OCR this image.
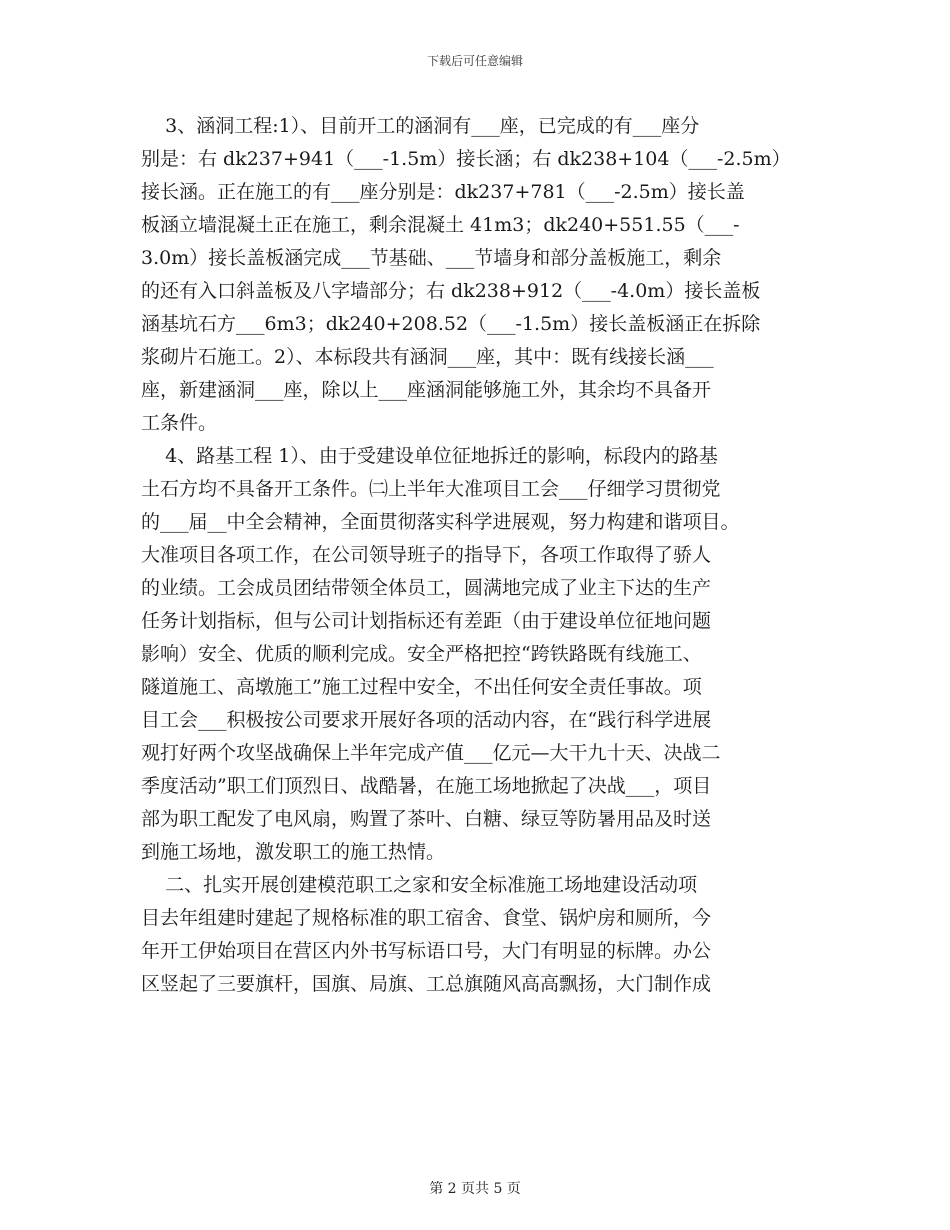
下载后可任意编辑
3、涵洞工程:1）、目前开工的涵洞有___座，已完成的有___座分
别是：右 dk237+941（___-1.5m）接长涵；右 dk238+104（___-2.5m）
接长涵。正在施工的有___座分别是：dk237+781（___-2.5m）接长盖
板涵立墙混凝土正在施工，剩余混凝土 41m3；dk240+551.55（___-
3.0m）接长盖板涵完成___节基础、___节墙身和部分盖板施工，剩余
的还有入口斜盖板及八字墙部分；右 dk238+912（___-4.0m）接长盖板
涵基坑石方___6m3；dk240+208.52（___-1.5m）接长盖板涵正在拆除
浆砌片石施工。2）、本标段共有涵洞___座，其中：既有线接长涵___
座，新建涵洞___座，除以上___座涵洞能够施工外，其余均不具备开
工条件。
4、路基工程 1）、由于受建设单位征地拆迁的影响，标段内的路基
土石方均不具备开工条件。㈡上半年大准项目工会___仔细学习贯彻党
的___届__中全会精神，全面贯彻落实科学进展观，努力构建和谐项目。
大准项目各项工作，在公司领导班子的指导下，各项工作取得了骄人
的业绩。工会成员团结带领全体员工，圆满地完成了业主下达的生产
任务计划指标，但与公司计划指标还有差距（由于建设单位征地问题
影响）安全、优质的顺利完成。安全严格把控“跨铁路既有线施工、
隧道施工、高墩施工”施工过程中安全，不出任何安全责任事故。项
目工会___积极按公司要求开展好各项的活动内容，在“践行科学进展
观打好两个攻坚战确保上半年完成产值___亿元—大干九十天、决战二
季度活动”职工们顶烈日、战酷暑，在施工场地掀起了决战___，项目
部为职工配发了电风扇，购置了茶叶、白糖、绿豆等防暑用品及时送
到施工场地，激发职工的施工热情。
二、扎实开展创建模范职工之家和安全标准施工场地建设活动项
目去年组建时建起了规格标准的职工宿舍、食堂、锅炉房和厕所，今
年开工伊始项目在营区内外书写标语口号，大门有明显的标牌。办公
区竖起了三要旗杆，国旗、局旗、工总旗随风高高飘扬，大门制作成
第 2 页共 5 页
